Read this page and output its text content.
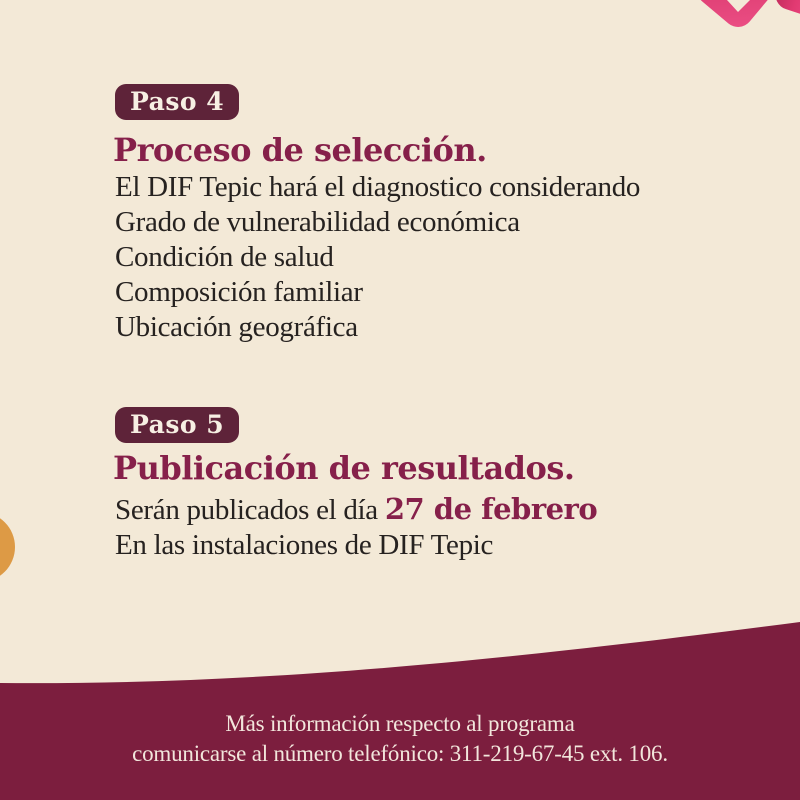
Paso 4
Proceso de selección.

El DIF Tepic hará el diagnostico considerando

Grado de vulnerabilidad económica

Condición de salud

Composición familiar

Ubicación geográfica

Paso 5
Publicación de resultados.

Serán publicados el día 27 de febrero

En las instalaciones de DIF Tepic

Más información respecto al programa

comunicarse al número telefónico: 311-219-67-45 ext. 106.
